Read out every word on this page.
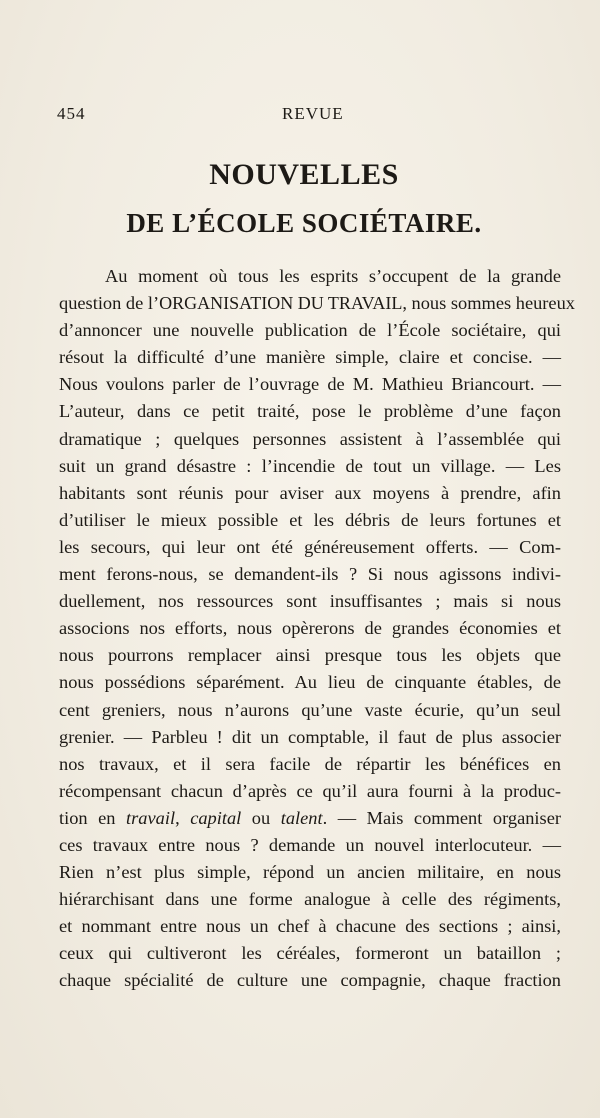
454	REVUE
NOUVELLES
DE L’ÉCOLE SOCIÉTAIRE.
Au moment où tous les esprits s’occupent de la grande
question de l’ORGANISATION DU TRAVAIL, nous sommes heureux
d’annoncer une nouvelle publication de l’École sociétaire, qui
résout la difficulté d’une manière simple, claire et concise. —
Nous voulons parler de l’ouvrage de M. Mathieu Briancourt. —
L’auteur, dans ce petit traité, pose le problème d’une façon
dramatique ; quelques personnes assistent à l’assemblée qui
suit un grand désastre : l’incendie de tout un village. — Les
habitants sont réunis pour aviser aux moyens à prendre, afin
d’utiliser le mieux possible et les débris de leurs fortunes et
les secours, qui leur ont été généreusement offerts. — Com-
ment ferons-nous, se demandent-ils ? Si nous agissons indivi-
duellement, nos ressources sont insuffisantes ; mais si nous
associons nos efforts, nous opèrerons de grandes économies et
nous pourrons remplacer ainsi presque tous les objets que
nous possédions séparément. Au lieu de cinquante étables, de
cent greniers, nous n’aurons qu’une vaste écurie, qu’un seul
grenier. — Parbleu ! dit un comptable, il faut de plus associer
nos travaux, et il sera facile de répartir les bénéfices en
récompensant chacun d’après ce qu’il aura fourni à la produc-
tion en travail, capital ou talent. — Mais comment organiser
ces travaux entre nous ? demande un nouvel interlocuteur. —
Rien n’est plus simple, répond un ancien militaire, en nous
hiérarchisant dans une forme analogue à celle des régiments,
et nommant entre nous un chef à chacune des sections ; ainsi,
ceux qui cultiveront les céréales, formeront un bataillon ;
chaque spécialité de culture une compagnie, chaque fraction
